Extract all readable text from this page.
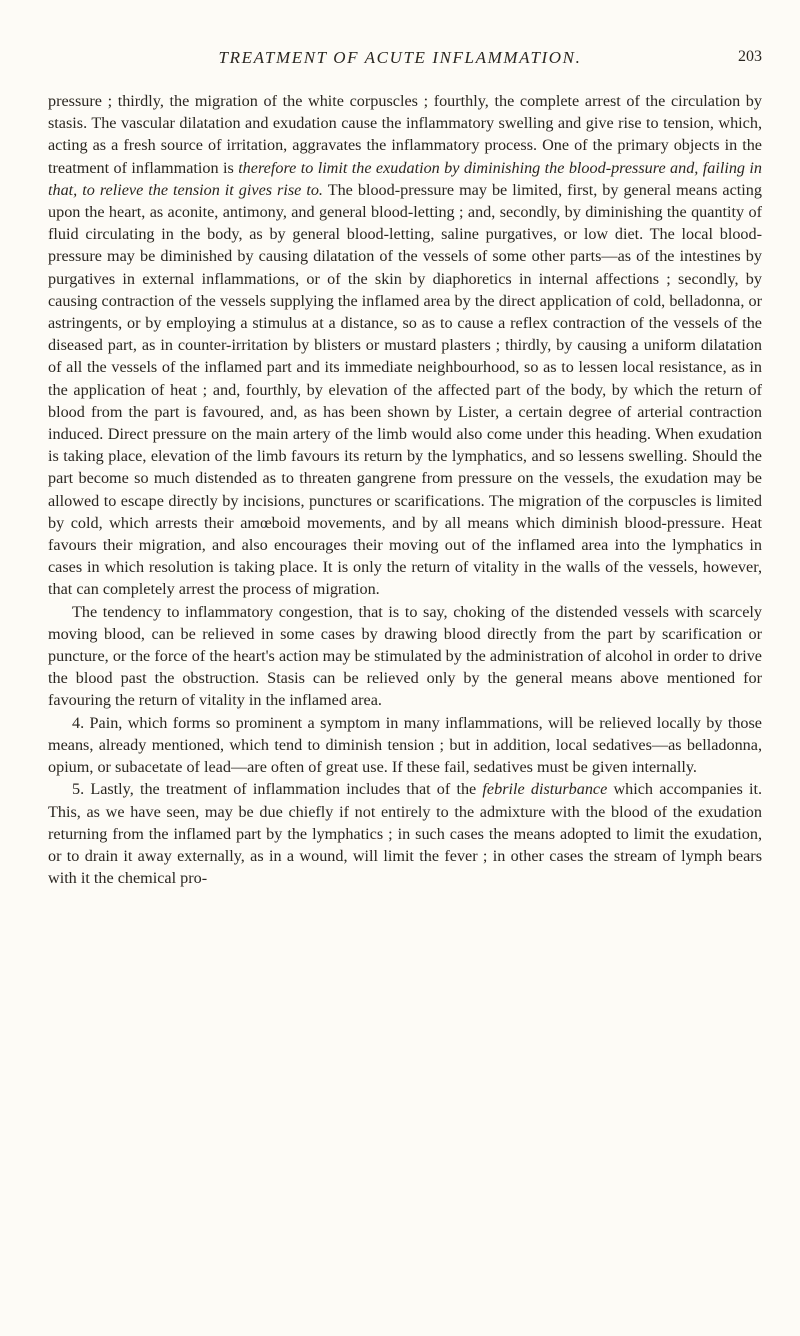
TREATMENT OF ACUTE INFLAMMATION.	203

pressure ; thirdly, the migration of the white corpuscles ; fourthly, the complete arrest of the circulation by stasis. The vascular dilatation and exudation cause the inflammatory swelling and give rise to tension, which, acting as a fresh source of irritation, aggravates the inflammatory process. One of the primary objects in the treatment of inflammation is therefore to limit the exudation by diminishing the blood-pressure and, failing in that, to relieve the tension it gives rise to. The blood-pressure may be limited, first, by general means acting upon the heart, as aconite, antimony, and general blood-letting ; and, secondly, by diminishing the quantity of fluid circulating in the body, as by general blood-letting, saline purgatives, or low diet. The local blood-pressure may be diminished by causing dilatation of the vessels of some other parts—as of the intestines by purgatives in external inflammations, or of the skin by diaphoretics in internal affections ; secondly, by causing contraction of the vessels supplying the inflamed area by the direct application of cold, belladonna, or astringents, or by employing a stimulus at a distance, so as to cause a reflex contraction of the vessels of the diseased part, as in counter-irritation by blisters or mustard plasters ; thirdly, by causing a uniform dilatation of all the vessels of the inflamed part and its immediate neighbourhood, so as to lessen local resistance, as in the application of heat ; and, fourthly, by elevation of the affected part of the body, by which the return of blood from the part is favoured, and, as has been shown by Lister, a certain degree of arterial contraction induced. Direct pressure on the main artery of the limb would also come under this heading. When exudation is taking place, elevation of the limb favours its return by the lymphatics, and so lessens swelling. Should the part become so much distended as to threaten gangrene from pressure on the vessels, the exudation may be allowed to escape directly by incisions, punctures or scarifications. The migration of the corpuscles is limited by cold, which arrests their amœboid movements, and by all means which diminish blood-pressure. Heat favours their migration, and also encourages their moving out of the inflamed area into the lymphatics in cases in which resolution is taking place. It is only the return of vitality in the walls of the vessels, however, that can completely arrest the process of migration.

The tendency to inflammatory congestion, that is to say, choking of the distended vessels with scarcely moving blood, can be relieved in some cases by drawing blood directly from the part by scarification or puncture, or the force of the heart's action may be stimulated by the administration of alcohol in order to drive the blood past the obstruction. Stasis can be relieved only by the general means above mentioned for favouring the return of vitality in the inflamed area.

4. Pain, which forms so prominent a symptom in many inflammations, will be relieved locally by those means, already mentioned, which tend to diminish tension ; but in addition, local sedatives—as belladonna, opium, or subacetate of lead—are often of great use. If these fail, sedatives must be given internally.

5. Lastly, the treatment of inflammation includes that of the febrile disturbance which accompanies it. This, as we have seen, may be due chiefly if not entirely to the admixture with the blood of the exudation returning from the inflamed part by the lymphatics ; in such cases the means adopted to limit the exudation, or to drain it away externally, as in a wound, will limit the fever ; in other cases the stream of lymph bears with it the chemical pro-
